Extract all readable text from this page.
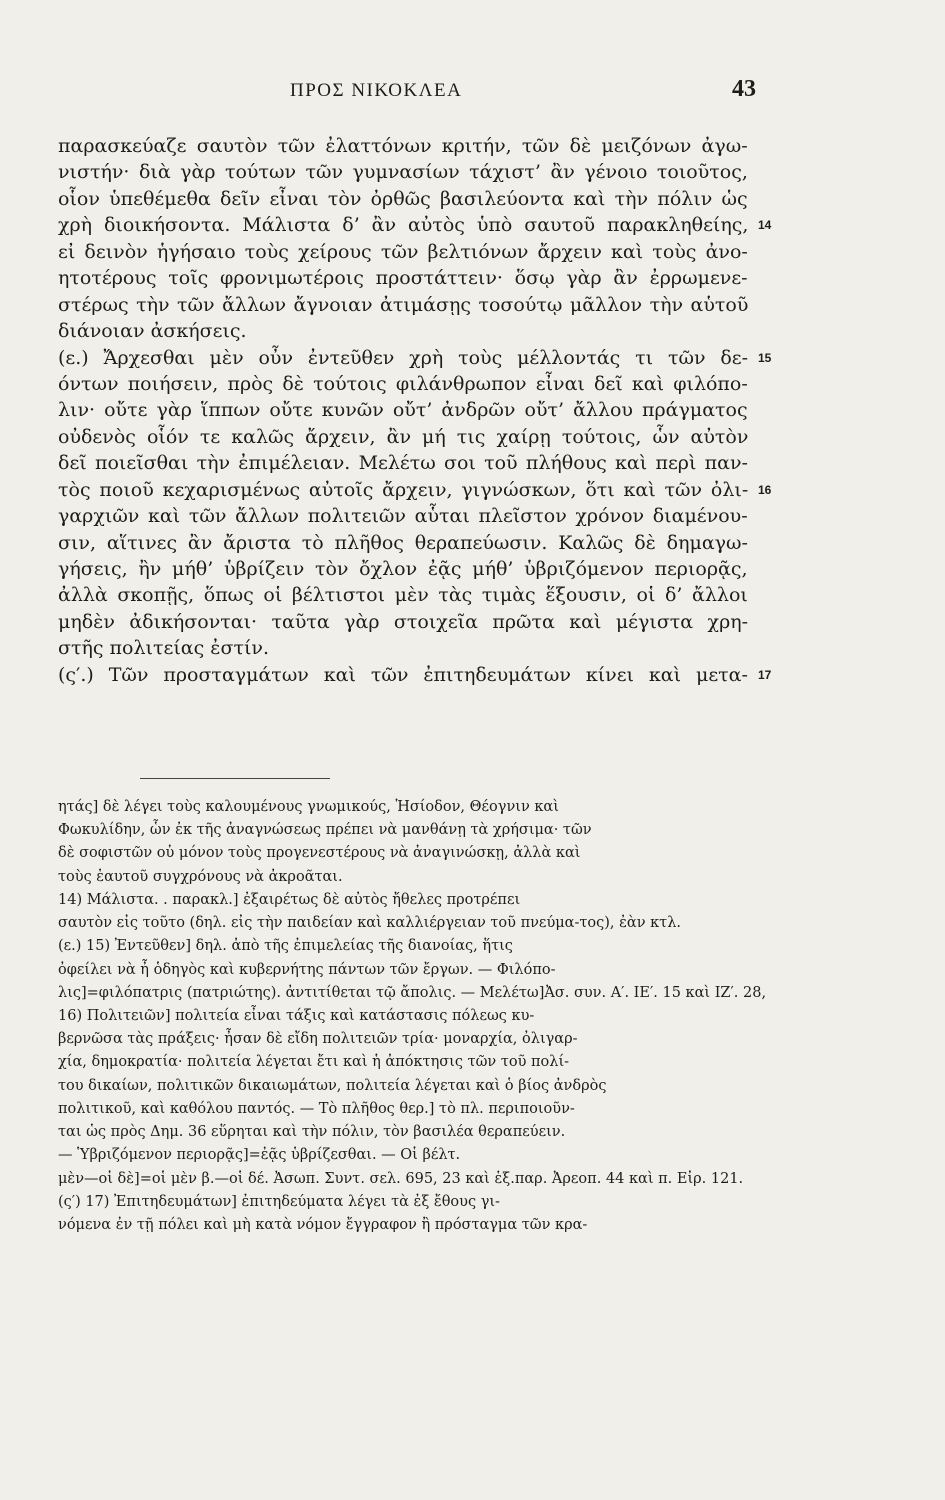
ΠΡΟΣ ΝΙΚΟΚΛΕΑ	43
παρασκεύαζε σαυτὸν τῶν ἐλαττόνων κριτήν, τῶν δὲ μειζόνων ἀγω-
νιστήν· διὰ γὰρ τούτων τῶν γυμνασίων τάχιστ’ ἂν γένοιο τοιοῦτος,
οἷον ὑπεθέμεθα δεῖν εἶναι τὸν ὀρθῶς βασιλεύοντα καὶ τὴν πόλιν ὡς
χρὴ διοικήσοντα. Μάλιστα δ’ ἂν αὐτὸς ὑπὸ σαυτοῦ παρακληθείης, 14
εἰ δεινὸν ἡγήσαιο τοὺς χείρους τῶν βελτιόνων ἄρχειν καὶ τοὺς ἀνο-
ητοτέρους τοῖς φρονιμωτέροις προστάττειν· ὅσῳ γὰρ ἂν ἐρρωμενε-
στέρως τὴν τῶν ἄλλων ἄγνοιαν ἀτιμάσῃς τοσούτῳ μᾶλλον τὴν αὑτοῦ
διάνοιαν ἀσκήσεις.
(ε.) Ἄρχεσθαι μὲν οὖν ἐντεῦθεν χρὴ τοὺς μέλλοντάς τι τῶν δε- 15
όντων ποιήσειν, πρὸς δὲ τούτοις φιλάνθρωπον εἶναι δεῖ καὶ φιλόπο-
λιν· οὔτε γὰρ ἵππων οὔτε κυνῶν οὔτ’ ἀνδρῶν οὔτ’ ἄλλου πράγματος
οὐδενὸς οἷόν τε καλῶς ἄρχειν, ἂν μή τις χαίρῃ τούτοις, ὧν αὐτὸν
δεῖ ποιεῖσθαι τὴν ἐπιμέλειαν. Μελέτω σοι τοῦ πλήθους καὶ περὶ παν-
τὸς ποιοῦ κεχαρισμένως αὐτοῖς ἄρχειν, γιγνώσκων, ὅτι καὶ τῶν ὀλι- 16
γαρχιῶν καὶ τῶν ἄλλων πολιτειῶν αὗται πλεῖστον χρόνον διαμένου-
σιν, αἵτινες ἂν ἄριστα τὸ πλῆθος θεραπεύωσιν. Καλῶς δὲ δημαγω-
γήσεις, ἢν μήθ’ ὑβρίζειν τὸν ὄχλον ἐᾷς μήθ’ ὑβριζόμενον περιορᾷς,
ἀλλὰ σκοπῇς, ὅπως οἱ βέλτιστοι μὲν τὰς τιμὰς ἕξουσιν, οἱ δ’ ἄλλοι
μηδὲν ἀδικήσονται· ταῦτα γὰρ στοιχεῖα πρῶτα καὶ μέγιστα χρη-
στῆς πολιτείας ἐστίν.
(ς′.) Τῶν προσταγμάτων καὶ τῶν ἐπιτηδευμάτων κίνει καὶ μετα- 17
ητάς] δὲ λέγει τοὺς καλουμένους γνωμικούς, Ἡσίοδον, Θέογνιν καὶΦωκυλίδην, ὧν ἐκ τῆς ἀναγνώσεως πρέπει νὰ μανθάνῃ τὰ χρήσιμα· τῶνδὲ σοφιστῶν οὐ μόνον τοὺς προγενεστέρους νὰ ἀναγινώσκῃ, ἀλλὰ καὶτοὺς ἑαυτοῦ συγχρόνους νὰ ἀκροᾶται.14) Μάλιστα. . παρακλ.] ἐξαιρέτως δὲ αὐτὸς ἤθελες προτρέπεισαυτὸν εἰς τοῦτο (δηλ. εἰς τὴν παιδείαν καὶ καλλιέργειαν τοῦ πνεύμα-τος), ἐὰν κτλ.(ε.) 15) Ἐντεῦθεν] δηλ. ἀπὸ τῆς ἐπιμελείας τῆς διανοίας, ἥτιςὀφείλει νὰ ἦ ὁδηγὸς καὶ κυβερνήτης πάντων τῶν ἔργων. — Φιλόπο-λις]=φιλόπατρις (πατριώτης). ἀντιτίθεται τῷ ἄπολις. — Μελέτω]Ἀσ. συν. Α′. ΙΕ′. 15 καὶ ΙΖ′. 28,16) Πολιτειῶν] πολιτεία εἶναι τάξις καὶ κατάστασις πόλεως κυ-βερνῶσα τὰς πράξεις· ἦσαν δὲ εἴδη πολιτειῶν τρία· μοναρχία, ὀλιγαρ-χία, δημοκρατία· πολιτεία λέγεται ἔτι καὶ ἡ ἀπόκτησις τῶν τοῦ πολί-του δικαίων, πολιτικῶν δικαιωμάτων, πολιτεία λέγεται καὶ ὁ βίος ἀνδρὸςπολιτικοῦ, καὶ καθόλου παντός. — Τὸ πλῆθος θερ.] τὸ πλ. περιποιοῦν-ται ὡς πρὸς Δημ. 36 εὕρηται καὶ τὴν πόλιν, τὸν βασιλέα θεραπεύειν.— Ὑβριζόμενον περιορᾷς]=ἐᾷς ὑβρίζεσθαι. — Οἱ βέλτ.μὲν—οἱ δὲ]=οἱ μὲν β.—οἱ δέ. Ἀσωπ. Συντ. σελ. 695, 23 καὶ ἑξ.παρ. Ἀρεοπ. 44 καὶ π. Εἰρ. 121.(ς′) 17) Ἐπιτηδευμάτων] ἐπιτηδεύματα λέγει τὰ ἐξ ἔθους γι-νόμενα ἐν τῇ πόλει καὶ μὴ κατὰ νόμον ἔγγραφον ἢ πρόσταγμα τῶν κρα-
